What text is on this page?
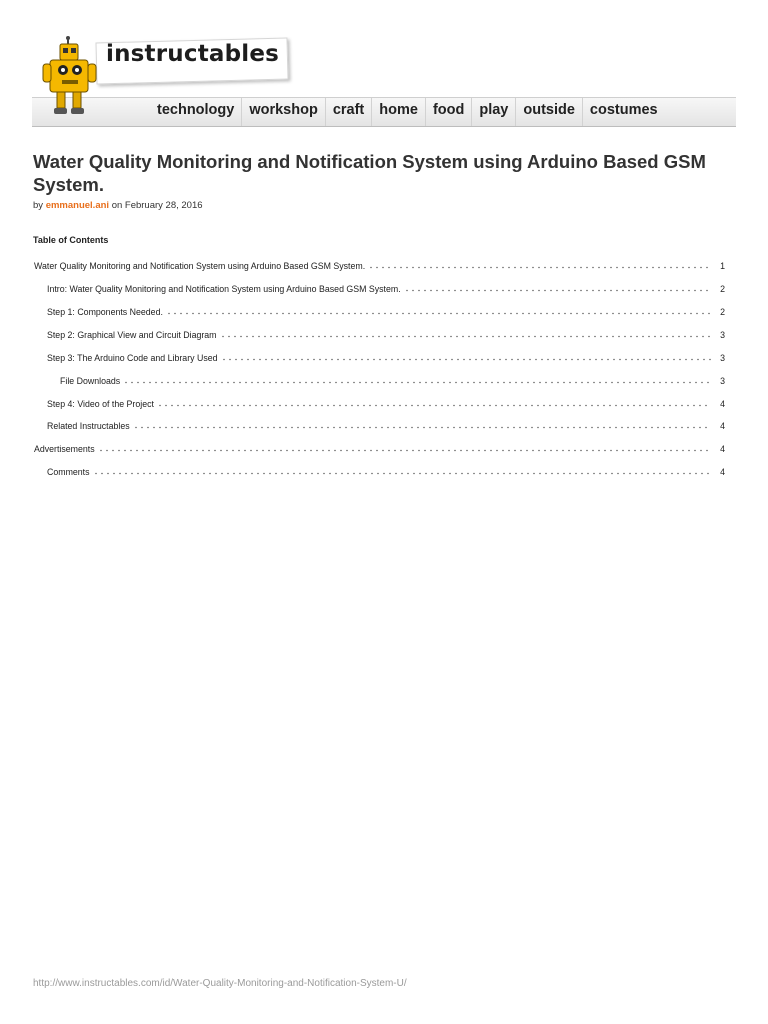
technology	workshop	craft	home	food	play	outside	costumes
instructables
Water Quality Monitoring and Notification System using Arduino Based GSM System.
by emmanuel.ani on February 28, 2016
Table of Contents
Water Quality Monitoring and Notification System using Arduino Based GSM System.	1
Intro: Water Quality Monitoring and Notification System using Arduino Based GSM System.	2
Step 1: Components Needed.	2
Step 2: Graphical View and Circuit Diagram	3
Step 3: The Arduino Code and Library Used	3
File Downloads	3
Step 4: Video of the Project	4
Related Instructables	4
Advertisements	4
Comments	4
http://www.instructables.com/id/Water-Quality-Monitoring-and-Notification-System-U/
